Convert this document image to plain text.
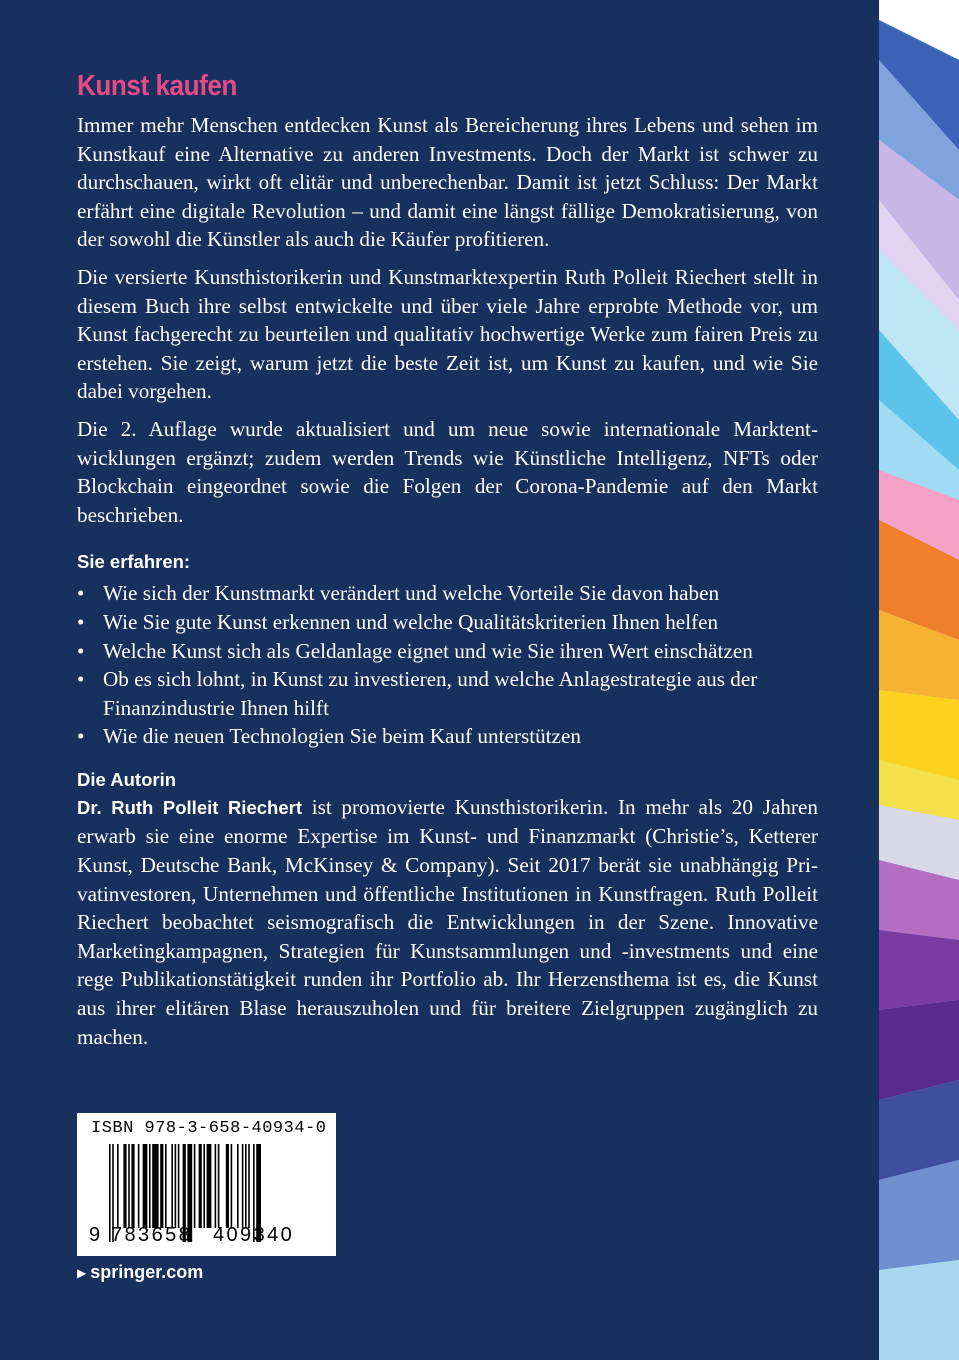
Kunst kaufen

Immer mehr Menschen entdecken Kunst als Bereicherung ihres Lebens und sehen im Kunstkauf eine Alternative zu anderen Investments. Doch der Markt ist schwer zu durchschauen, wirkt oft elitär und unberechenbar. Damit ist jetzt Schluss: Der Markt erfährt eine digitale Revolution – und damit eine längst fällige Demokratisierung, von der sowohl die Künstler als auch die Käufer profitieren.

Die versierte Kunsthistorikerin und Kunstmarktexpertin Ruth Polleit Riechert stellt in diesem Buch ihre selbst entwickelte und über viele Jahre erprobte Methode vor, um Kunst fachgerecht zu beurteilen und qualitativ hochwertige Werke zum fairen Preis zu erstehen. Sie zeigt, warum jetzt die beste Zeit ist, um Kunst zu kaufen, und wie Sie dabei vorgehen.

Die 2. Auflage wurde aktualisiert und um neue sowie internationale Marktentwicklungen ergänzt; zudem werden Trends wie Künstliche Intelligenz, NFTs oder Blockchain eingeordnet sowie die Folgen der Corona-Pandemie auf den Markt beschrieben.

Sie erfahren:
• Wie sich der Kunstmarkt verändert und welche Vorteile Sie davon haben
• Wie Sie gute Kunst erkennen und welche Qualitätskriterien Ihnen helfen
• Welche Kunst sich als Geldanlage eignet und wie Sie ihren Wert einschätzen
• Ob es sich lohnt, in Kunst zu investieren, und welche Anlagestrategie aus der Finanzindustrie Ihnen hilft
• Wie die neuen Technologien Sie beim Kauf unterstützen
Die Autorin

Dr. Ruth Polleit Riechert ist promovierte Kunsthistorikerin. In mehr als 20 Jahren erwarb sie eine enorme Expertise im Kunst- und Finanzmarkt (Christie’s, Ketterer Kunst, Deutsche Bank, McKinsey & Company). Seit 2017 berät sie unabhängig Privatinvestoren, Unternehmen und öffentliche Institutionen in Kunstfragen. Ruth Polleit Riechert beobachtet seismografisch die Entwicklungen in der Szene. Innovative Marketingkampagnen, Strategien für Kunstsammlungen und -investments und eine rege Publikationstätigkeit runden ihr Portfolio ab. Ihr Herzensthema ist es, die Kunst aus ihrer elitären Blase herauszuholen und für breitere Zielgruppen zugänglich zu machen.

ISBN 978-3-658-40934-0
9 783658 409340
▶ springer.com
